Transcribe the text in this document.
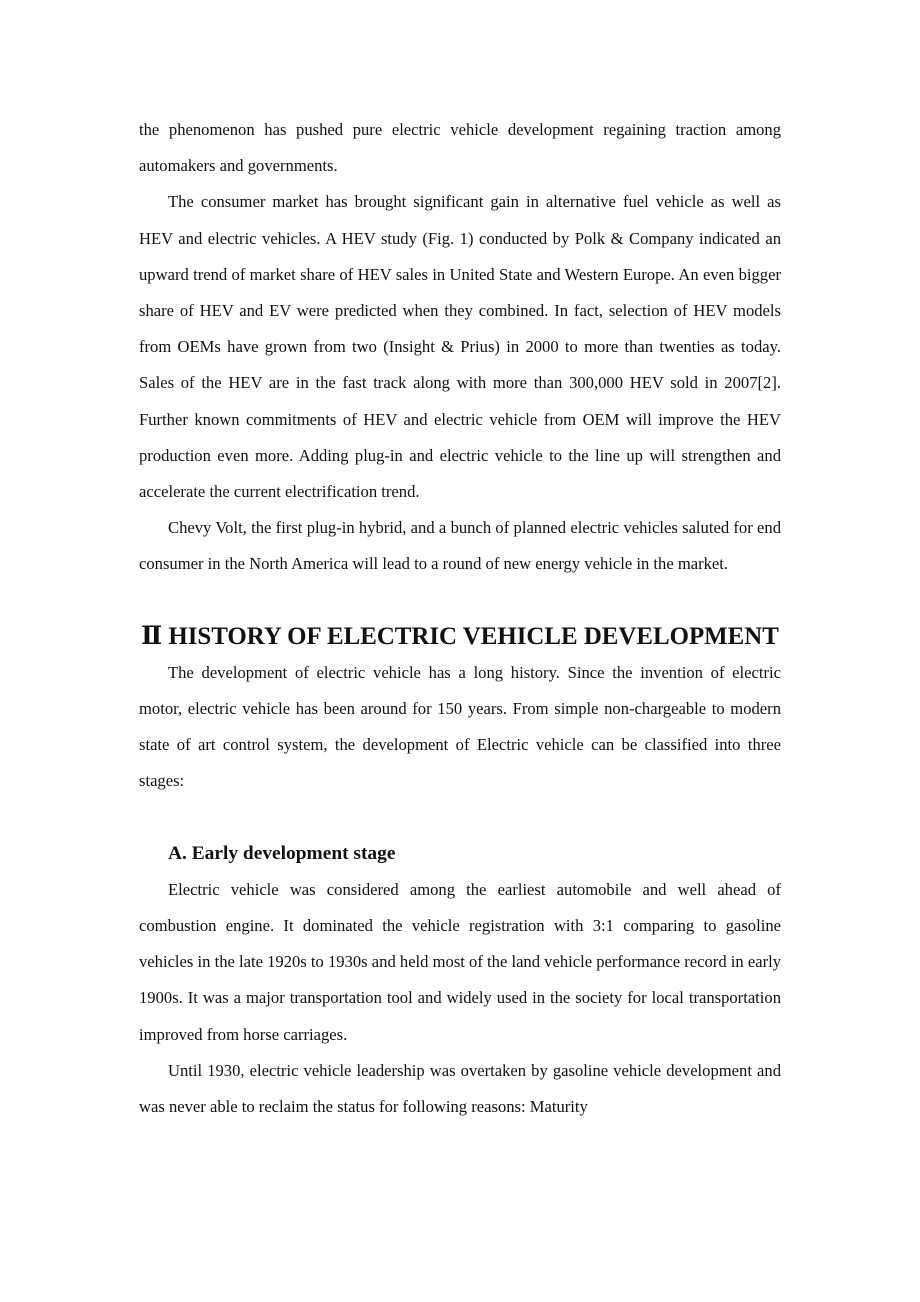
the phenomenon has pushed pure electric vehicle development regaining traction among automakers and governments.

The consumer market has brought significant gain in alternative fuel vehicle as well as HEV and electric vehicles. A HEV study (Fig. 1) conducted by Polk & Company indicated an upward trend of market share of HEV sales in United State and Western Europe. An even bigger share of HEV and EV were predicted when they combined. In fact, selection of HEV models from OEMs have grown from two (Insight & Prius) in 2000 to more than twenties as today. Sales of the HEV are in the fast track along with more than 300,000 HEV sold in 2007[2]. Further known commitments of HEV and electric vehicle from OEM will improve the HEV production even more. Adding plug-in and electric vehicle to the line up will strengthen and accelerate the current electrification trend.

Chevy Volt, the first plug-in hybrid, and a bunch of planned electric vehicles saluted for end consumer in the North America will lead to a round of new energy vehicle in the market.

Ⅱ HISTORY OF ELECTRIC VEHICLE DEVELOPMENT

The development of electric vehicle has a long history. Since the invention of electric motor, electric vehicle has been around for 150 years. From simple non-chargeable to modern state of art control system, the development of Electric vehicle can be classified into three stages:

A. Early development stage

Electric vehicle was considered among the earliest automobile and well ahead of combustion engine. It dominated the vehicle registration with 3:1 comparing to gasoline vehicles in the late 1920s to 1930s and held most of the land vehicle performance record in early 1900s. It was a major transportation tool and widely used in the society for local transportation improved from horse carriages.

Until 1930, electric vehicle leadership was overtaken by gasoline vehicle development and was never able to reclaim the status for following reasons: Maturity
